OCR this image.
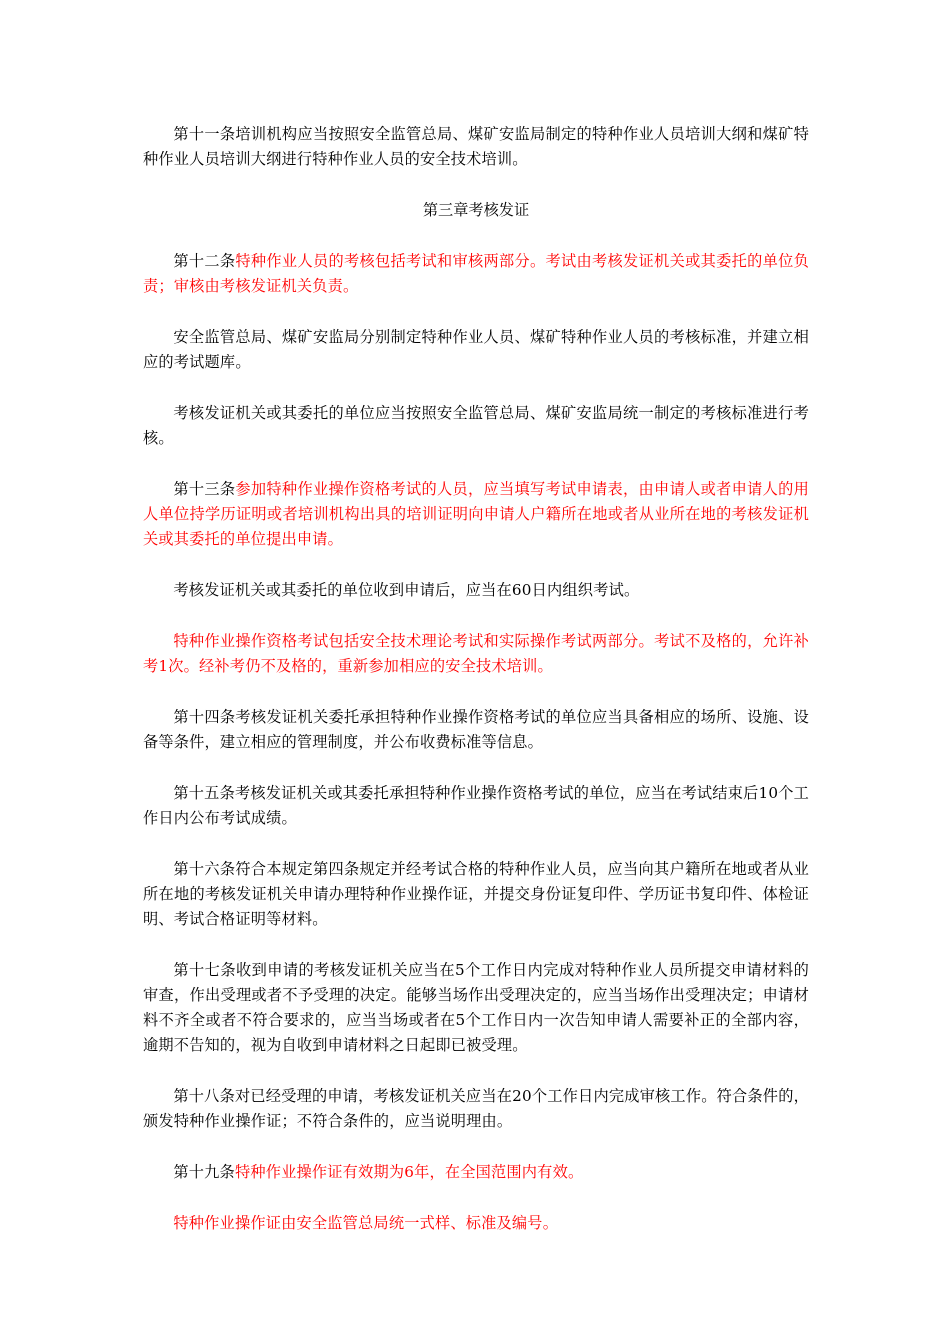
第十一条培训机构应当按照安全监管总局、煤矿安监局制定的特种作业人员培训大纲和煤矿特种作业人员培训大纲进行特种作业人员的安全技术培训。

第三章考核发证

第十二条特种作业人员的考核包括考试和审核两部分。考试由考核发证机关或其委托的单位负责；审核由考核发证机关负责。

安全监管总局、煤矿安监局分别制定特种作业人员、煤矿特种作业人员的考核标准，并建立相应的考试题库。

考核发证机关或其委托的单位应当按照安全监管总局、煤矿安监局统一制定的考核标准进行考核。

第十三条参加特种作业操作资格考试的人员，应当填写考试申请表，由申请人或者申请人的用人单位持学历证明或者培训机构出具的培训证明向申请人户籍所在地或者从业所在地的考核发证机关或其委托的单位提出申请。

考核发证机关或其委托的单位收到申请后，应当在60日内组织考试。

特种作业操作资格考试包括安全技术理论考试和实际操作考试两部分。考试不及格的，允许补考1次。经补考仍不及格的，重新参加相应的安全技术培训。

第十四条考核发证机关委托承担特种作业操作资格考试的单位应当具备相应的场所、设施、设备等条件，建立相应的管理制度，并公布收费标准等信息。

第十五条考核发证机关或其委托承担特种作业操作资格考试的单位，应当在考试结束后10个工作日内公布考试成绩。

第十六条符合本规定第四条规定并经考试合格的特种作业人员，应当向其户籍所在地或者从业所在地的考核发证机关申请办理特种作业操作证，并提交身份证复印件、学历证书复印件、体检证明、考试合格证明等材料。

第十七条收到申请的考核发证机关应当在5个工作日内完成对特种作业人员所提交申请材料的审查，作出受理或者不予受理的决定。能够当场作出受理决定的，应当当场作出受理决定；申请材料不齐全或者不符合要求的，应当当场或者在5个工作日内一次告知申请人需要补正的全部内容，逾期不告知的，视为自收到申请材料之日起即已被受理。

第十八条对已经受理的申请，考核发证机关应当在20个工作日内完成审核工作。符合条件的，颁发特种作业操作证；不符合条件的，应当说明理由。

第十九条特种作业操作证有效期为6年，在全国范围内有效。

特种作业操作证由安全监管总局统一式样、标准及编号。
